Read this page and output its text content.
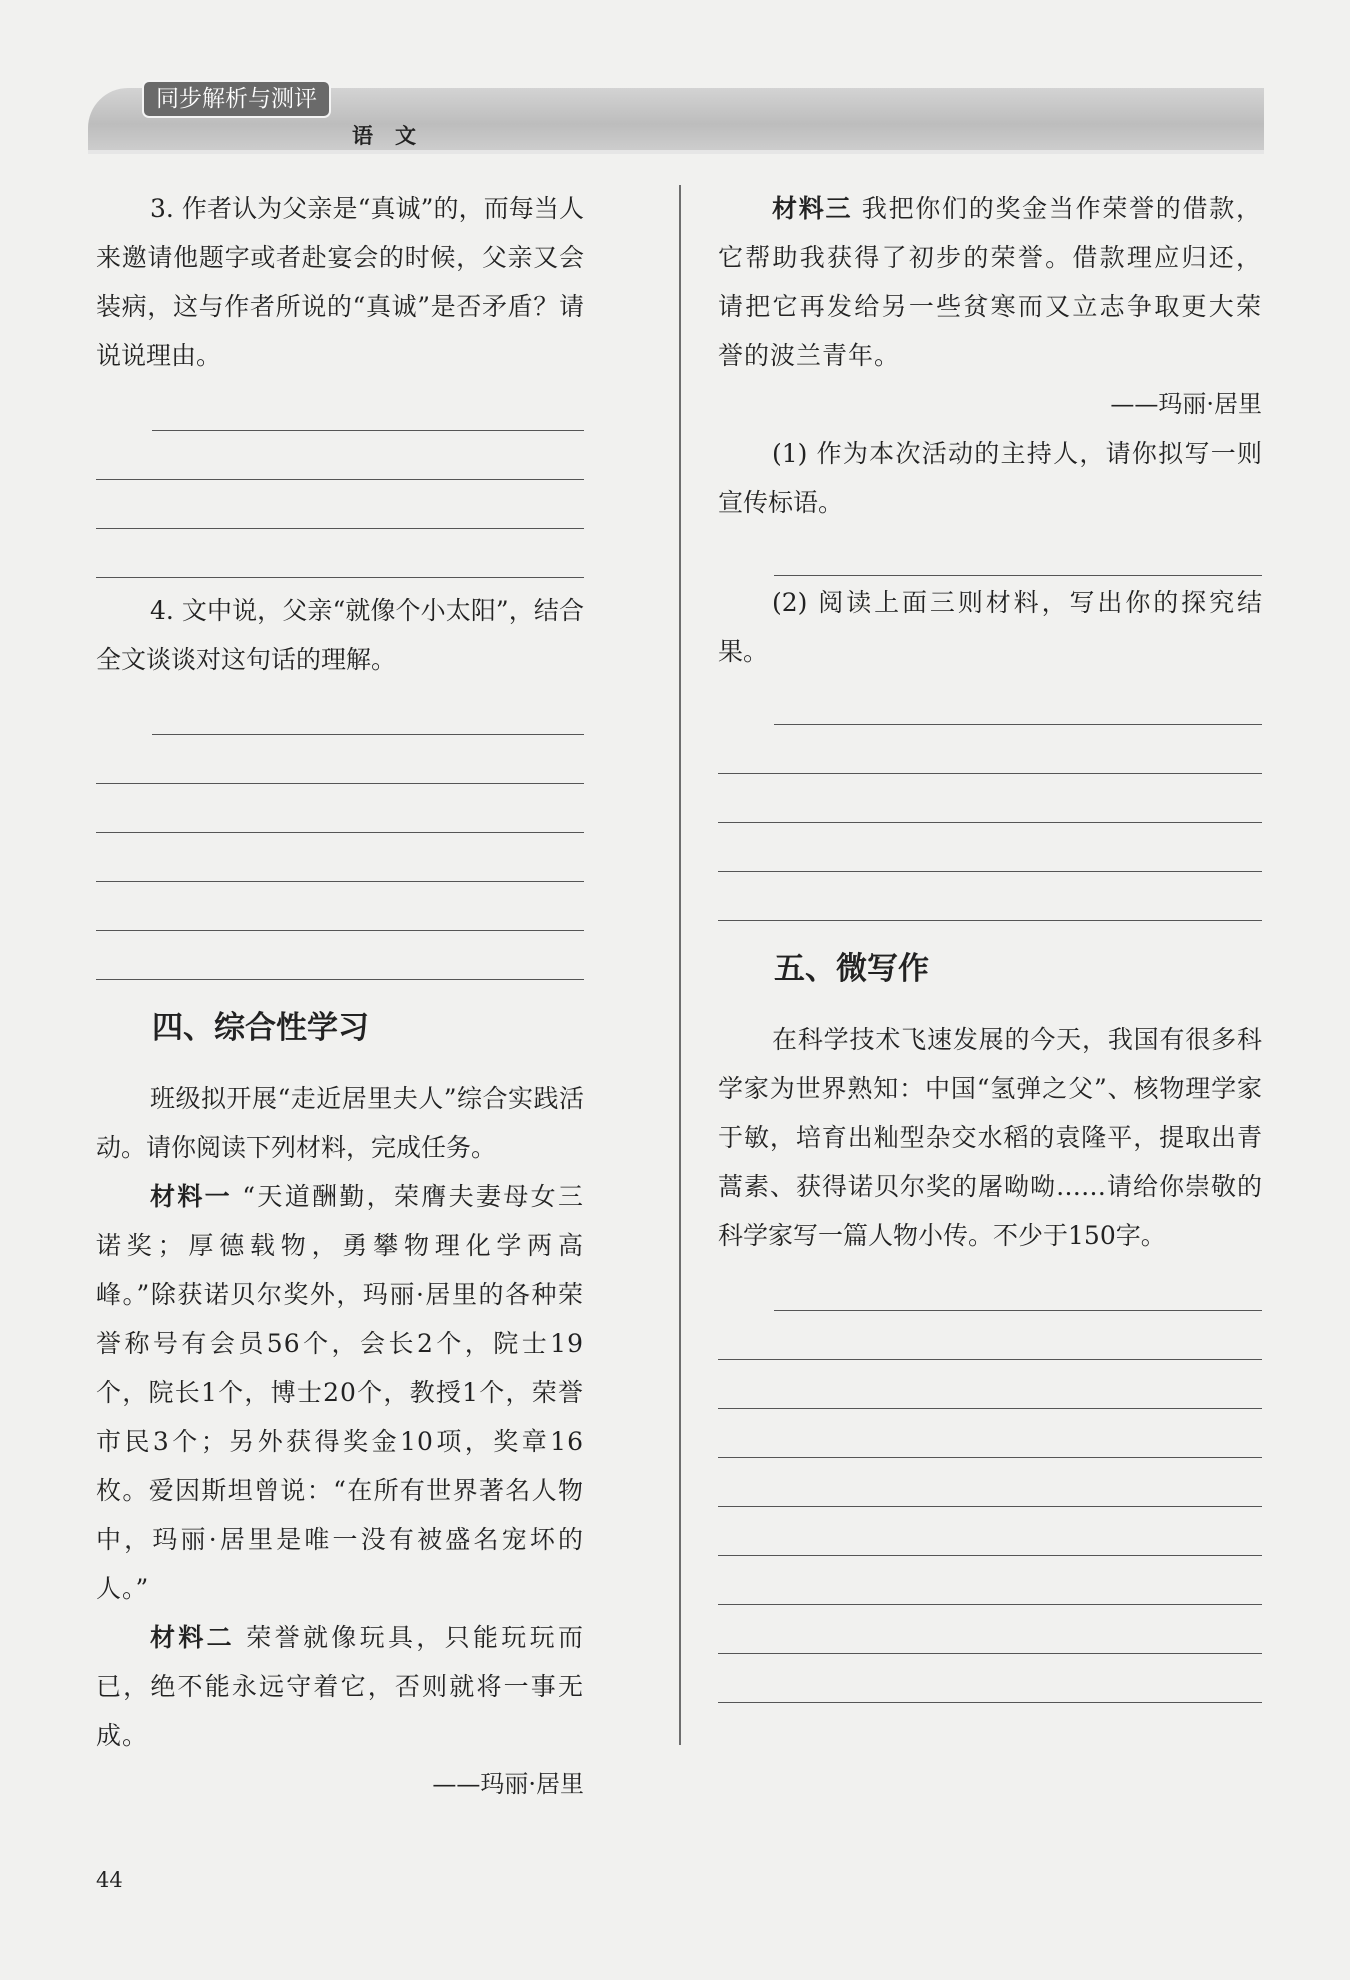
同步解析与测评
语文

3. 作者认为父亲是“真诚”的，而每当人来邀请他题字或者赴宴会的时候，父亲又会装病，这与作者所说的“真诚”是否矛盾？请说说理由。

4. 文中说，父亲“就像个小太阳”，结合全文谈谈对这句话的理解。

四、综合性学习

班级拟开展“走近居里夫人”综合实践活动。请你阅读下列材料，完成任务。

材料一 “天道酬勤，荣膺夫妻母女三诺奖；厚德载物，勇攀物理化学两高峰。”除获诺贝尔奖外，玛丽·居里的各种荣誉称号有会员56个，会长2个，院士19个，院长1个，博士20个，教授1个，荣誉市民3个；另外获得奖金10项，奖章16枚。爱因斯坦曾说：“在所有世界著名人物中，玛丽·居里是唯一没有被盛名宠坏的人。”

材料二 荣誉就像玩具，只能玩玩而已，绝不能永远守着它，否则就将一事无成。

——玛丽·居里

材料三 我把你们的奖金当作荣誉的借款，它帮助我获得了初步的荣誉。借款理应归还，请把它再发给另一些贫寒而又立志争取更大荣誉的波兰青年。

——玛丽·居里

(1) 作为本次活动的主持人，请你拟写一则宣传标语。

(2) 阅读上面三则材料，写出你的探究结果。

五、微写作

在科学技术飞速发展的今天，我国有很多科学家为世界熟知：中国“氢弹之父”、核物理学家于敏，培育出籼型杂交水稻的袁隆平，提取出青蒿素、获得诺贝尔奖的屠呦呦……请给你崇敬的科学家写一篇人物小传。不少于150字。

44
